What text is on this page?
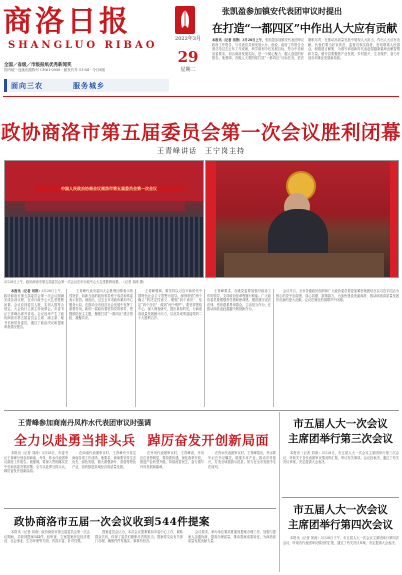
商洛日报
SHANGLUO RIBAO
2022年3月
29
星期二
全国／省级／市级报纸优秀新闻奖
国内统一连续出版物号 CN61-0056 · 邮发代号 51-84 · 今日8版
面向三农	服务城乡
张凯盈参加镇安代表团审议时提出
在打造“一都四区”中作出人大应有贡献
本报讯（记者 刘涛）3月28日上午，张凯盈参加镇安代表团审议政府工作报告，与代表们共商发展大计。他说，政府工作报告全面总结过去五年工作成就，科学谋划今后发展目标，符合中央和省委要求，切合商洛发展实际，是一个凝心聚力、催人奋进的好报告。他强调，各级人大要围绕打造“一都四区”目标任务，依法履职尽责，在推动高质量发展中展现人大担当，作出人大应有贡献。代表们要当好宣传员、监督员和实践者，密切联系人民群众，积极建言献策，为谱写商洛新时代追赶超越新篇章贡献智慧和力量。镇安县要聚焦产业发展、乡村振兴、生态保护，奋力开创各项事业发展新局面。
政协商洛市第五届委员会第一次会议胜利闭幕
王青峰讲话 王宁岗主持
中国人民政治协商会议商洛市第五届委员会第一次会议
3月28日上午，政协商洛市第五届委员会第一次会议在市行政中心大礼堂胜利闭幕。（记者 刘涛 摄）

本报讯（记者 刘涛）3月28日上午，政协商洛市第五届委员会第一次会议圆满完成各项议程，在市行政中心大礼堂胜利闭幕。会议应到委员人数，实到人数符合规定。大会执行主席主持闭幕会。市委书记王青峰出席并讲话。会议选举产生了政协商洛市第五届委员会主席、副主席、秘书长和常务委员，通过了政治决议和提案审查情况报告。

王青峰代表市委向大会胜利闭幕表示热烈祝贺，向新当选的政协领导班子成员和常委表示祝贺。他指出，过去五年市政协紧扣中心服务大局，在推动全市经济社会发展中发挥了重要作用。新的一届政协要坚持党的领导，把握团结民主主题，聚焦打造“一都四区”建言资政、凝聚共识。

王青峰强调，要坚持以习近平新时代中国特色社会主义思想为指导，深刻领悟“两个确立”的决定性意义，增强“四个意识”、坚定“四个自信”、做到“两个维护”。要坚持围绕中心，深入调查研究，提出真知灼见，为商洛高质量发展献计出力，以优异成绩迎接党的二十大胜利召开。

王青峰要求，各级党委要加强对政协工作的领导，支持政协依章程履行职能。广大政协委员要增强责任感和使命感，模范遵守宪法法律，密切联系界别群众，主动担当作为，在推动商洛追赶超越中展现新作为。

会议号召，全市各级政协组织和广大政协委员要更加紧密地团结在以习近平同志为核心的党中央周围，同心同德、群策群力，为加快建设美丽商洛、推动商洛高质量发展作出新的更大贡献。会议在雄壮的国歌声中闭幕。

王青峰参加商南丹凤柞水代表团审议时强调
全力以赴勇当排头兵 踔厉奋发开创新局面

本报讯（记者 刘涛）3月28日，市委书记王青峰分别参加商南、丹凤、柞水代表团审议政府工作报告。他强调，要深入贯彻落实党中央和省委决策部署，全力以赴勇当排头兵，踔厉奋发开创新局面。

在商南代表团审议时，王青峰充分肯定商南各项工作成绩。他要求，商南要坚持生态优先、绿色发展，做大做强茶叶、香菇等特色产业，加快推进县域经济高质量发展。

在丹凤代表团审议时，王青峰说，丹凤区位优势明显，要抢抓机遇，深化改革开放，推进产业转型升级，持续改善民生，奋力谱写丹凤发展新篇章。

在柞水代表团审议时，王青峰指出，柞水要牢记总书记嘱托，做强木耳产业，推动乡村振兴，打造全域旅游示范县，努力在全市发展中走在前列。

市五届人大一次会议
主席团举行第三次会议

本报讯（记者 刘涛）3月28日，市五届人大一次会议主席团举行第三次会议，听取关于各代表团审议情况的汇报，审议有关事项。会议经表决，通过了有关决议草案，决定提请大会表决。

市五届人大一次会议
主席团举行第四次会议

本报讯（记者 刘涛）3月28日下午，市五届人大一次会议主席团举行第四次会议，听取各代表团审议情况的汇报，通过了有关决议草案，决定提请大会表决。

政协商洛市五届一次会议收到544件提案

本报讯（记者 刘涛）政协商洛市第五届委员会第一次会议期间，共收到提案544件。经审查，立案提案涉及经济建设、社会事业、生态环保等方面，内容丰富，针对性强。

提案委员会认为，本次会议提案紧扣市委中心工作，紧贴群众关切，体现了委员们履职尽责的担当。提案将交由有关部门办理，确保件件有落实、事事有回音。

会议要求，承办单位要高度重视提案办理工作，加强与提案人沟通协商，提高办理质量，推动提案成果转化，为商洛高质量发展贡献力量。
